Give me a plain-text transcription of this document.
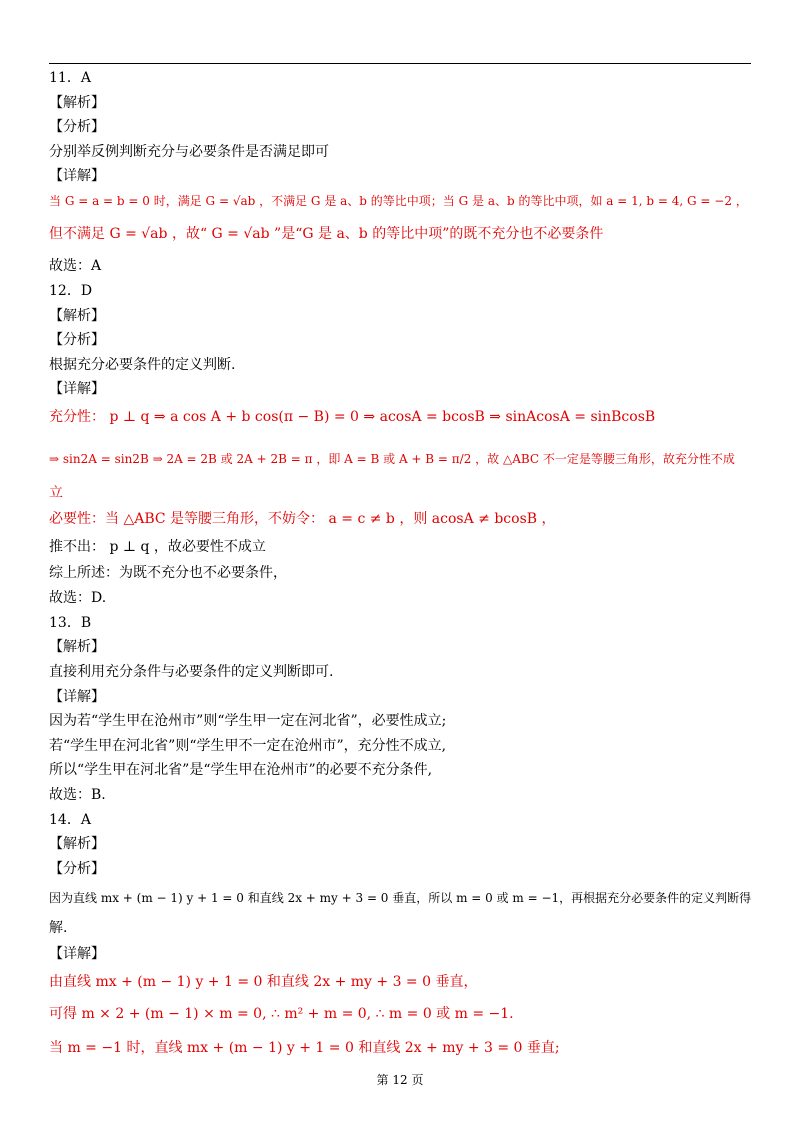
11．A
【解析】
【分析】
分别举反例判断充分与必要条件是否满足即可
【详解】
当 G = a = b = 0 时，满足 G = √ab ，不满足 G 是 a、b 的等比中项；当 G 是 a、b 的等比中项，如 a = 1, b = 4, G = −2 ，
但不满足 G = √ab ，故“ G = √ab ”是“G 是 a、b 的等比中项”的既不充分也不必要条件
故选：A
12．D
【解析】
【分析】
根据充分必要条件的定义判断.
【详解】
充分性： p ⊥ q ⇒ a cos A + b cos(π − B) = 0 ⇒ acosA = bcosB ⇒ sinAcosA = sinBcosB
⇒ sin2A = sin2B ⇒ 2A = 2B 或 2A + 2B = π ，即 A = B 或 A + B = π/2 ，故 △ABC 不一定是等腰三角形，故充分性不成
立
必要性：当 △ABC 是等腰三角形，不妨令： a = c ≠ b ，则 acosA ≠ bcosB ，
推不出： p ⊥ q ，故必要性不成立
综上所述：为既不充分也不必要条件，
故选：D.
13．B
【解析】
直接利用充分条件与必要条件的定义判断即可.
【详解】
因为若“学生甲在沧州市”则“学生甲一定在河北省”，必要性成立;
若“学生甲在河北省”则“学生甲不一定在沧州市”，充分性不成立,
所以“学生甲在河北省”是“学生甲在沧州市”的必要不充分条件,
故选：B.
14．A
【解析】
【分析】
因为直线 mx + (m − 1) y + 1 = 0 和直线 2x + my + 3 = 0 垂直，所以 m = 0 或 m = −1，再根据充分必要条件的定义判断得
解.
【详解】
由直线 mx + (m − 1) y + 1 = 0 和直线 2x + my + 3 = 0 垂直，
可得 m × 2 + (m − 1) × m = 0, ∴ m² + m = 0, ∴ m = 0 或 m = −1.
当 m = −1 时，直线 mx + (m − 1) y + 1 = 0 和直线 2x + my + 3 = 0 垂直;
第 12 页
